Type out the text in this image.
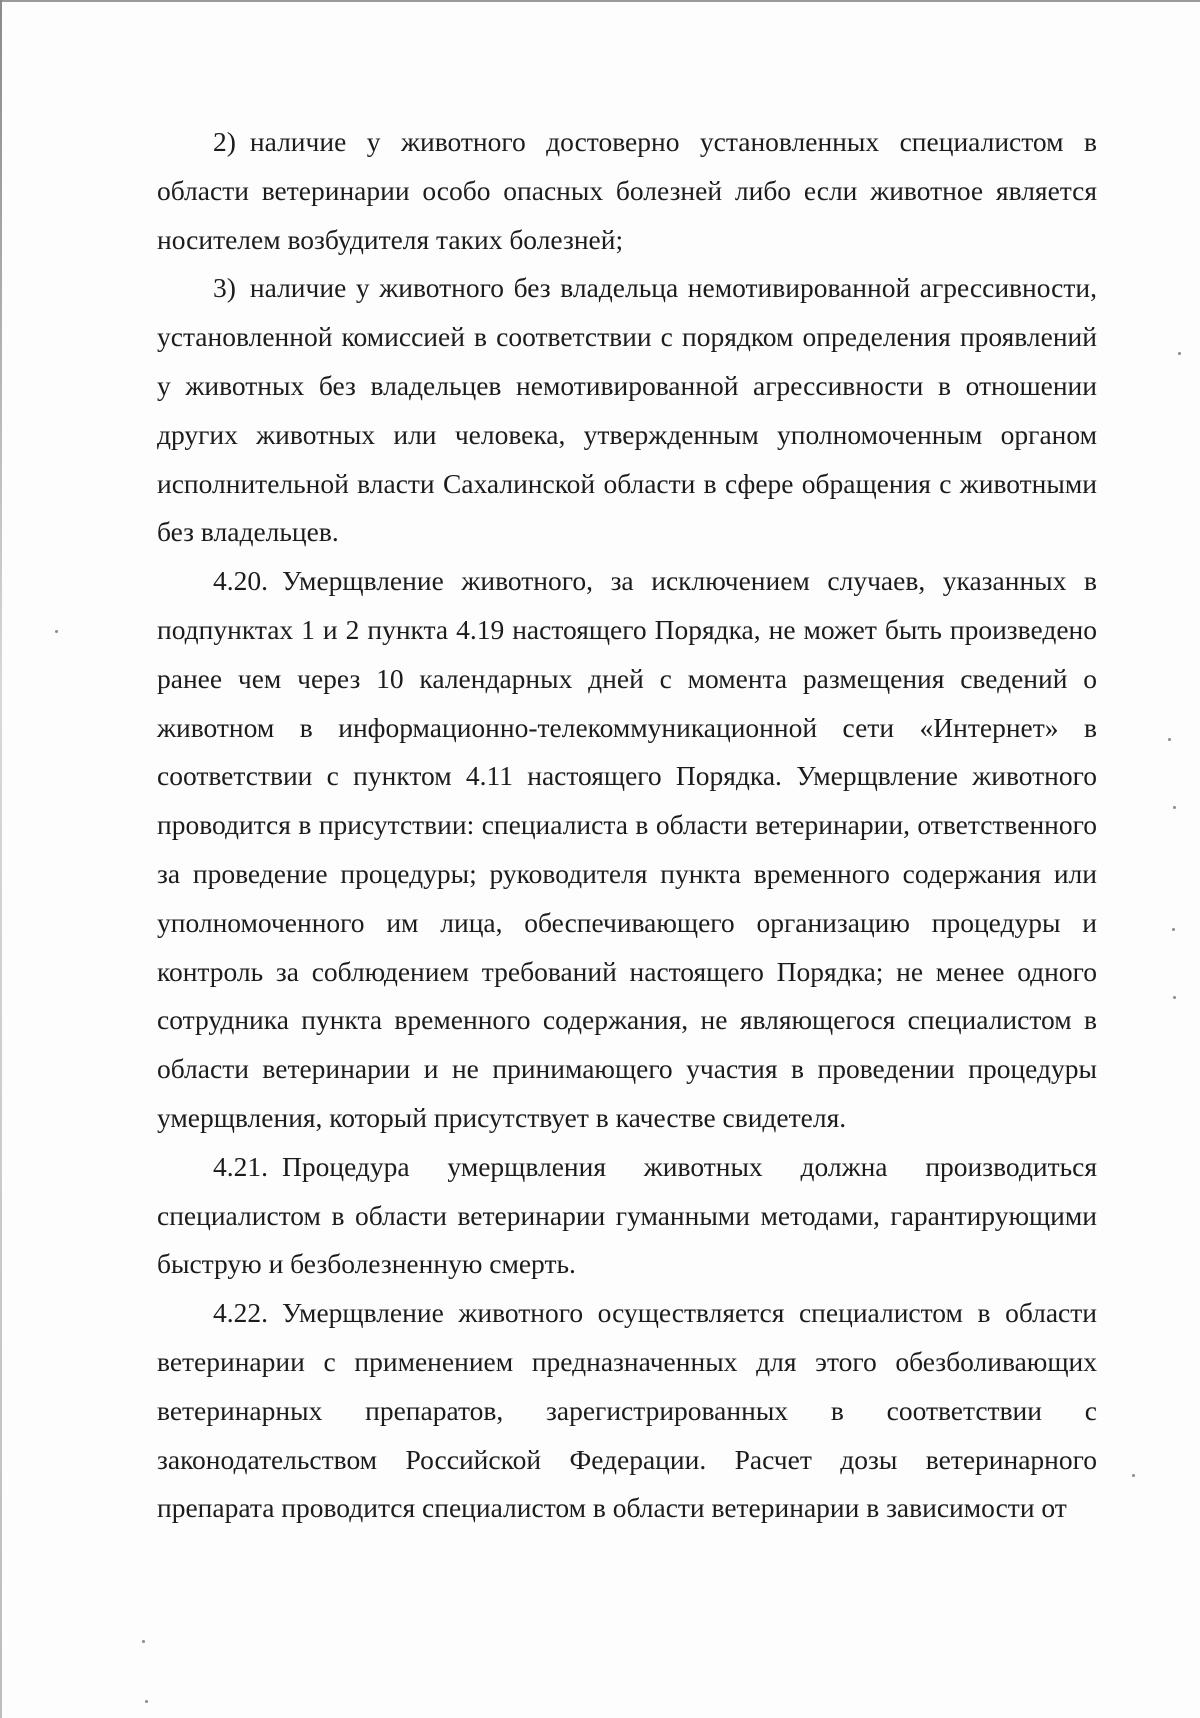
2) наличие у животного достоверно установленных специалистом в области ветеринарии особо опасных болезней либо если животное является носителем возбудителя таких болезней;

3) наличие у животного без владельца немотивированной агрессивности, установленной комиссией в соответствии с порядком определения проявлений у животных без владельцев немотивированной агрессивности в отношении других животных или человека, утвержденным уполномоченным органом исполнительной власти Сахалинской области в сфере обращения с животными без владельцев.

4.20. Умерщвление животного, за исключением случаев, указанных в подпунктах 1 и 2 пункта 4.19 настоящего Порядка, не может быть произведено ранее чем через 10 календарных дней с момента размещения сведений о животном в информационно-телекоммуникационной сети «Интернет» в соответствии с пунктом 4.11 настоящего Порядка. Умерщвление животного проводится в присутствии: специалиста в области ветеринарии, ответственного за проведение процедуры; руководителя пункта временного содержания или уполномоченного им лица, обеспечивающего организацию процедуры и контроль за соблюдением требований настоящего Порядка; не менее одного сотрудника пункта временного содержания, не являющегося специалистом в области ветеринарии и не принимающего участия в проведении процедуры умерщвления, который присутствует в качестве свидетеля.

4.21. Процедура умерщвления животных должна производиться специалистом в области ветеринарии гуманными методами, гарантирующими быструю и безболезненную смерть.

4.22. Умерщвление животного осуществляется специалистом в области ветеринарии с применением предназначенных для этого обезболивающих ветеринарных препаратов, зарегистрированных в соответствии с законодательством Российской Федерации. Расчет дозы ветеринарного препарата проводится специалистом в области ветеринарии в зависимости от
